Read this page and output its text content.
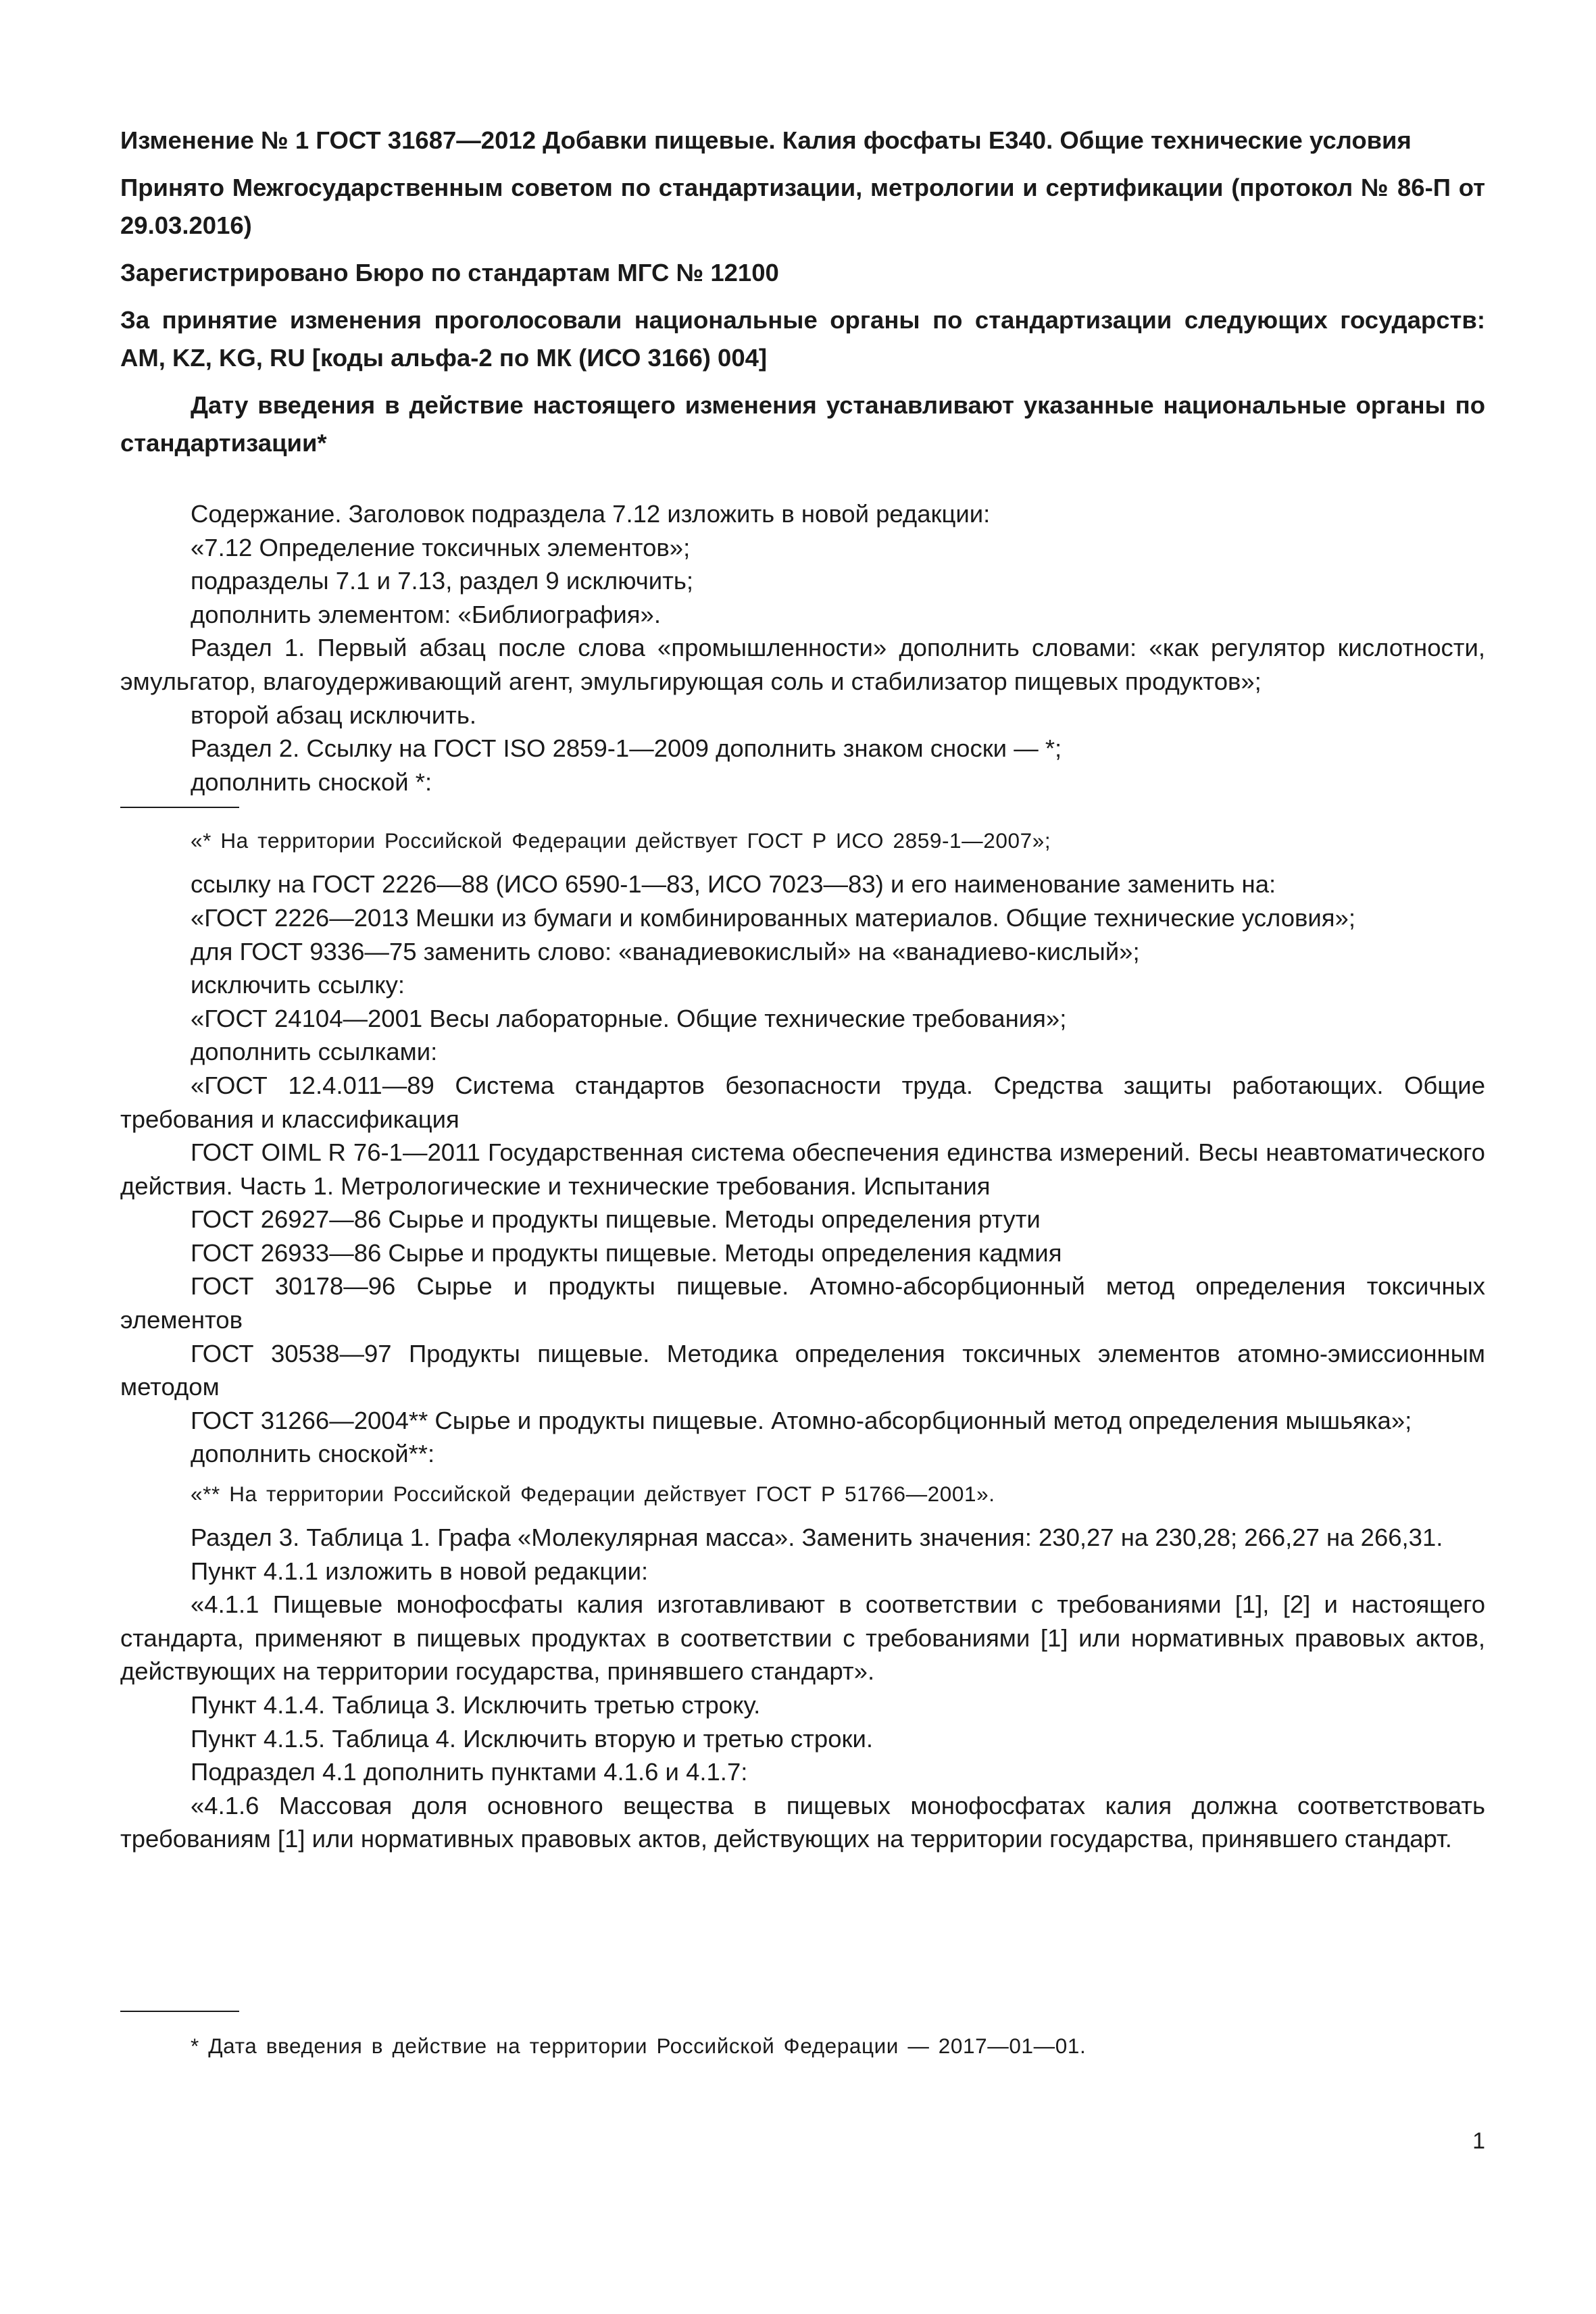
Изменение № 1 ГОСТ 31687—2012 Добавки пищевые. Калия фосфаты Е340. Общие технические условия
Принято Межгосударственным советом по стандартизации, метрологии и сертификации (протокол № 86-П от 29.03.2016)
Зарегистрировано Бюро по стандартам МГС № 12100
За принятие изменения проголосовали национальные органы по стандартизации следующих государств: AM, KZ, KG, RU [коды альфа-2 по МК (ИСО 3166) 004]
Дату введения в действие настоящего изменения устанавливают указанные национальные органы по стандартизации*

Содержание. Заголовок подраздела 7.12 изложить в новой редакции:

«7.12 Определение токсичных элементов»;

подразделы 7.1 и 7.13, раздел 9 исключить;

дополнить элементом: «Библиография».

Раздел 1. Первый абзац после слова «промышленности» дополнить словами: «как регулятор кислотности, эмульгатор, влагоудерживающий агент, эмульгирующая соль и стабилизатор пищевых продуктов»;

второй абзац исключить.

Раздел 2. Ссылку на ГОСТ ISO 2859-1—2009 дополнить знаком сноски — *;

дополнить сноской *:

«* На территории Российской Федерации действует ГОСТ Р ИСО 2859-1—2007»;

ссылку на ГОСТ 2226—88 (ИСО 6590-1—83, ИСО 7023—83) и его наименование заменить на:

«ГОСТ 2226—2013 Мешки из бумаги и комбинированных материалов. Общие технические условия»;

для ГОСТ 9336—75 заменить слово: «ванадиевокислый» на «ванадиево-кислый»;

исключить ссылку:

«ГОСТ 24104—2001 Весы лабораторные. Общие технические требования»;

дополнить ссылками:

«ГОСТ 12.4.011—89 Система стандартов безопасности труда. Средства защиты работающих. Общие требования и классификация

ГОСТ OIML R 76-1—2011 Государственная система обеспечения единства измерений. Весы неавтоматического действия. Часть 1. Метрологические и технические требования. Испытания

ГОСТ 26927—86 Сырье и продукты пищевые. Методы определения ртути

ГОСТ 26933—86 Сырье и продукты пищевые. Методы определения кадмия

ГОСТ 30178—96 Сырье и продукты пищевые. Атомно-абсорбционный метод определения токсичных элементов

ГОСТ 30538—97 Продукты пищевые. Методика определения токсичных элементов атомно-эмиссионным методом

ГОСТ 31266—2004** Сырье и продукты пищевые. Атомно-абсорбционный метод определения мышьяка»;

дополнить сноской**:

«** На территории Российской Федерации действует ГОСТ Р 51766—2001».

Раздел 3. Таблица 1. Графа «Молекулярная масса». Заменить значения: 230,27 на 230,28; 266,27 на 266,31.

Пункт 4.1.1 изложить в новой редакции:

«4.1.1 Пищевые монофосфаты калия изготавливают в соответствии с требованиями [1], [2] и настоящего стандарта, применяют в пищевых продуктах в соответствии с требованиями [1] или нормативных правовых актов, действующих на территории государства, принявшего стандарт».

Пункт 4.1.4. Таблица 3. Исключить третью строку.

Пункт 4.1.5. Таблица 4. Исключить вторую и третью строки.

Подраздел 4.1 дополнить пунктами 4.1.6 и 4.1.7:

«4.1.6 Массовая доля основного вещества в пищевых монофосфатах калия должна соответствовать требованиям [1] или нормативных правовых актов, действующих на территории государства, принявшего стандарт.

* Дата введения в действие на территории Российской Федерации — 2017—01—01.

1
